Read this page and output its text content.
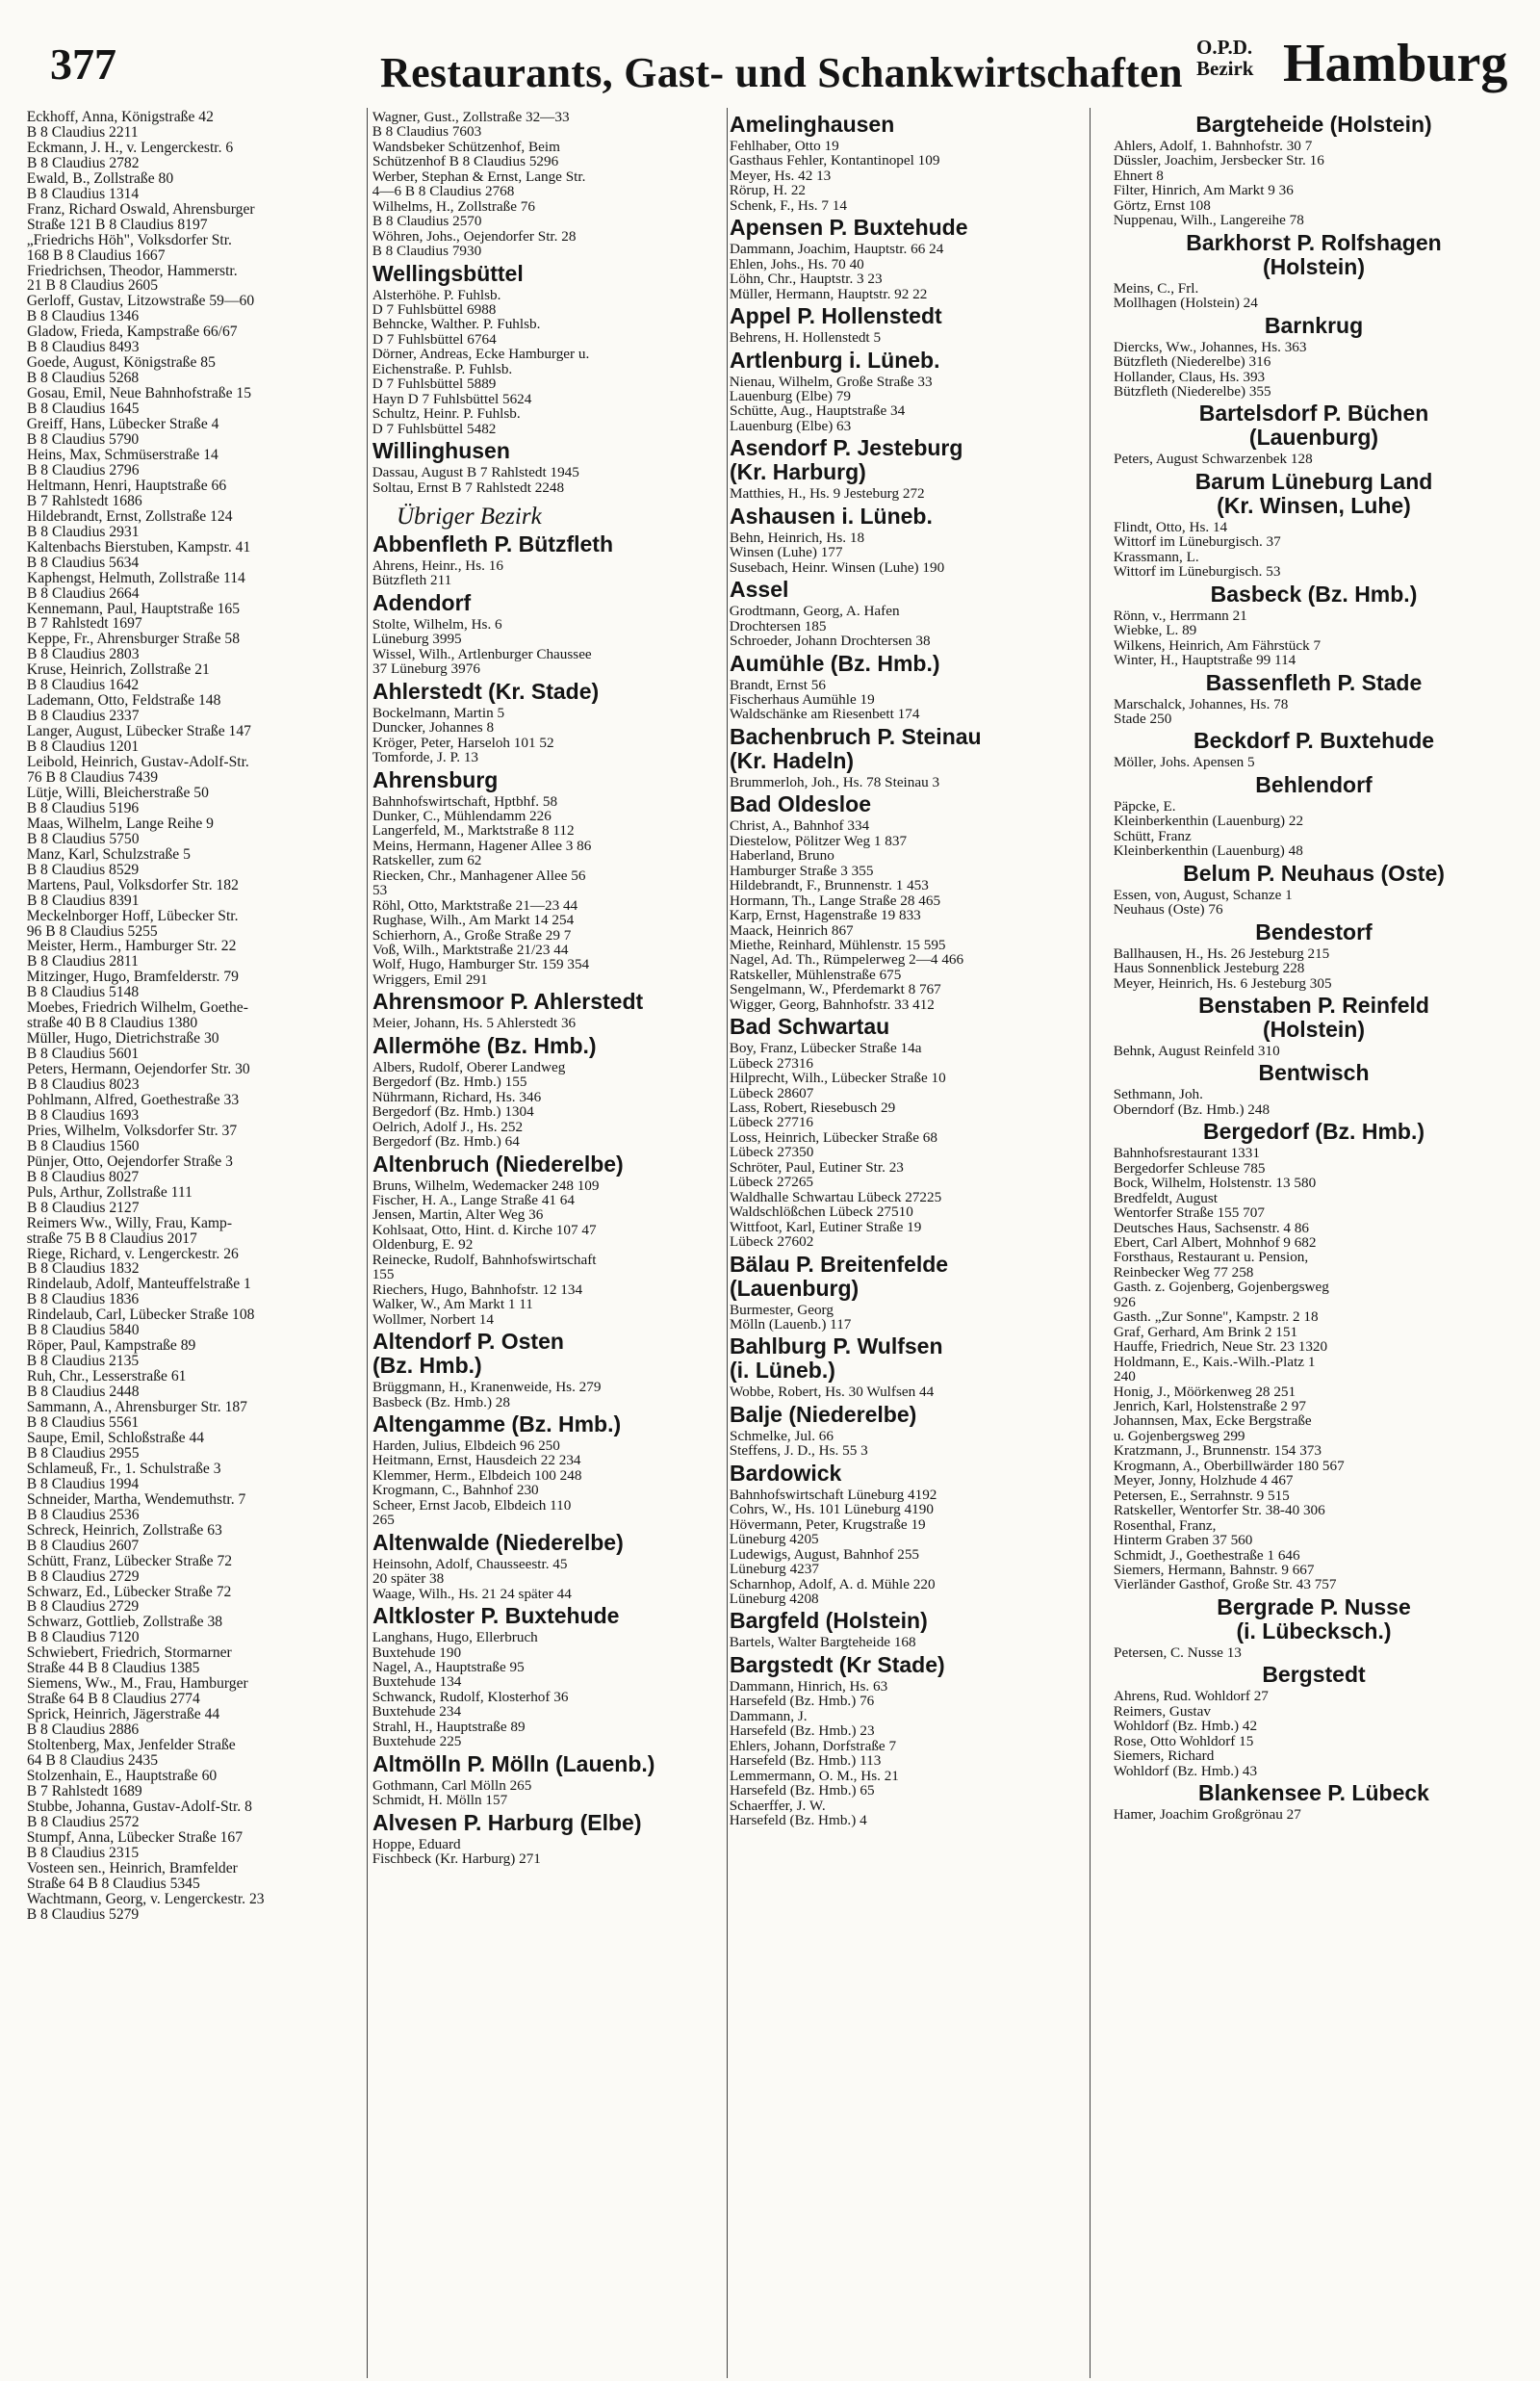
377	Restaurants, Gast- und Schankwirtschaften
O.P.D.
Bezirk Hamburg
Eckhoff, Anna, Königstraße 42
B 8 Claudius 2211
Eckmann, J. H., v. Lengerckestr. 6
B 8 Claudius 2782
Ewald, B., Zollstraße 80
B 8 Claudius 1314
Franz, Richard Oswald, Ahrensburger
Straße 121 B 8 Claudius 8197
„Friedrichs Höh", Volksdorfer Str.
168 B 8 Claudius 1667
Friedrichsen, Theodor, Hammerstr.
21 B 8 Claudius 2605
Gerloff, Gustav, Litzowstraße 59—60
B 8 Claudius 1346
Gladow, Frieda, Kampstraße 66/67
B 8 Claudius 8493
Goede, August, Königstraße 85
B 8 Claudius 5268
Gosau, Emil, Neue Bahnhofstraße 15
B 8 Claudius 1645
Greiff, Hans, Lübecker Straße 4
B 8 Claudius 5790
Heins, Max, Schmüserstraße 14
B 8 Claudius 2796
Heltmann, Henri, Hauptstraße 66
B 7 Rahlstedt 1686
Hildebrandt, Ernst, Zollstraße 124
B 8 Claudius 2931
Kaltenbachs Bierstuben, Kampstr. 41
B 8 Claudius 5634
Kaphengst, Helmuth, Zollstraße 114
B 8 Claudius 2664
Kennemann, Paul, Hauptstraße 165
B 7 Rahlstedt 1697
Keppe, Fr., Ahrensburger Straße 58
B 8 Claudius 2803
Kruse, Heinrich, Zollstraße 21
B 8 Claudius 1642
Lademann, Otto, Feldstraße 148
B 8 Claudius 2337
Langer, August, Lübecker Straße 147
B 8 Claudius 1201
Leibold, Heinrich, Gustav-Adolf-Str.
76 B 8 Claudius 7439
Lütje, Willi, Bleicherstraße 50
B 8 Claudius 5196
Maas, Wilhelm, Lange Reihe 9
B 8 Claudius 5750
Manz, Karl, Schulzstraße 5
B 8 Claudius 8529
Martens, Paul, Volksdorfer Str. 182
B 8 Claudius 8391
Meckelnborger Hoff, Lübecker Str.
96 B 8 Claudius 5255
Meister, Herm., Hamburger Str. 22
B 8 Claudius 2811
Mitzinger, Hugo, Bramfelderstr. 79
B 8 Claudius 5148
Moebes, Friedrich Wilhelm, Goethe-
straße 40 B 8 Claudius 1380
Müller, Hugo, Dietrichstraße 30
B 8 Claudius 5601
Peters, Hermann, Oejendorfer Str. 30
B 8 Claudius 8023
Pohlmann, Alfred, Goethestraße 33
B 8 Claudius 1693
Pries, Wilhelm, Volksdorfer Str. 37
B 8 Claudius 1560
Pünjer, Otto, Oejendorfer Straße 3
B 8 Claudius 8027
Puls, Arthur, Zollstraße 111
B 8 Claudius 2127
Reimers Ww., Willy, Frau, Kamp-
straße 75 B 8 Claudius 2017
Riege, Richard, v. Lengerckestr. 26
B 8 Claudius 1832
Rindelaub, Adolf, Manteuffelstraße 1
B 8 Claudius 1836
Rindelaub, Carl, Lübecker Straße 108
B 8 Claudius 5840
Röper, Paul, Kampstraße 89
B 8 Claudius 2135
Ruh, Chr., Lesserstraße 61
B 8 Claudius 2448
Sammann, A., Ahrensburger Str. 187
B 8 Claudius 5561
Saupe, Emil, Schloßstraße 44
B 8 Claudius 2955
Schlameuß, Fr., 1. Schulstraße 3
B 8 Claudius 1994
Schneider, Martha, Wendemuthstr. 7
B 8 Claudius 2536
Schreck, Heinrich, Zollstraße 63
B 8 Claudius 2607
Schütt, Franz, Lübecker Straße 72
B 8 Claudius 2729
Schwarz, Ed., Lübecker Straße 72
B 8 Claudius 2729
Schwarz, Gottlieb, Zollstraße 38
B 8 Claudius 7120
Schwiebert, Friedrich, Stormarner
Straße 44 B 8 Claudius 1385
Siemens, Ww., M., Frau, Hamburger
Straße 64 B 8 Claudius 2774
Sprick, Heinrich, Jägerstraße 44
B 8 Claudius 2886
Stoltenberg, Max, Jenfelder Straße
64 B 8 Claudius 2435
Stolzenhain, E., Hauptstraße 60
B 7 Rahlstedt 1689
Stubbe, Johanna, Gustav-Adolf-Str. 8
B 8 Claudius 2572
Stumpf, Anna, Lübecker Straße 167
B 8 Claudius 2315
Vosteen sen., Heinrich, Bramfelder
Straße 64 B 8 Claudius 5345
Wachtmann, Georg, v. Lengerckestr. 23
B 8 Claudius 5279
Wagner, Gust., Zollstraße 32—33
B 8 Claudius 7603
Wandsbeker Schützenhof, Beim
Schützenhof B 8 Claudius 5296
Werber, Stephan & Ernst, Lange Str.
4—6 B 8 Claudius 2768
Wilhelms, H., Zollstraße 76
B 8 Claudius 2570
Wöhren, Johs., Oejendorfer Str. 28
B 8 Claudius 7930
Wellingsbüttel
Alsterhöhe. P. Fuhlsb.
D 7 Fuhlsbüttel 6988
Behncke, Walther. P. Fuhlsb.
D 7 Fuhlsbüttel 6764
Dörner, Andreas, Ecke Hamburger u.
Eichenstraße. P. Fuhlsb.
D 7 Fuhlsbüttel 5889
Hayn D 7 Fuhlsbüttel 5624
Schultz, Heinr. P. Fuhlsb.
D 7 Fuhlsbüttel 5482
Willinghusen
Dassau, August B 7 Rahlstedt 1945
Soltau, Ernst B 7 Rahlstedt 2248
Übriger Bezirk
Abbenfleth P. Bützfleth
Ahrens, Heinr., Hs. 16
Bützfleth 211
Adendorf
Stolte, Wilhelm, Hs. 6
Lüneburg 3995
Wissel, Wilh., Artlenburger Chaussee
37 Lüneburg 3976
Ahlerstedt (Kr. Stade)
Bockelmann, Martin 5
Duncker, Johannes 8
Kröger, Peter, Harseloh 101 52
Tomforde, J. P. 13
Ahrensburg
Bahnhofswirtschaft, Hptbhf. 58
Dunker, C., Mühlendamm 226
Langerfeld, M., Marktstraße 8 112
Meins, Hermann, Hagener Allee 3 86
Ratskeller, zum 62
Riecken, Chr., Manhagener Allee 56
53
Röhl, Otto, Marktstraße 21—23 44
Rughase, Wilh., Am Markt 14 254
Schierhorn, A., Große Straße 29 7
Voß, Wilh., Marktstraße 21/23 44
Wolf, Hugo, Hamburger Str. 159 354
Wriggers, Emil 291
Ahrensmoor P. Ahlerstedt
Meier, Johann, Hs. 5 Ahlerstedt 36
Allermöhe (Bz. Hmb.)
Albers, Rudolf, Oberer Landweg
Bergedorf (Bz. Hmb.) 155
Nührmann, Richard, Hs. 346
Bergedorf (Bz. Hmb.) 1304
Oelrich, Adolf J., Hs. 252
Bergedorf (Bz. Hmb.) 64
Altenbruch (Niederelbe)
Bruns, Wilhelm, Wedemacker 248 109
Fischer, H. A., Lange Straße 41 64
Jensen, Martin, Alter Weg 36
Kohlsaat, Otto, Hint. d. Kirche 107 47
Oldenburg, E. 92
Reinecke, Rudolf, Bahnhofswirtschaft
155
Riechers, Hugo, Bahnhofstr. 12 134
Walker, W., Am Markt 1 11
Wollmer, Norbert 14
Altendorf P. Osten
(Bz. Hmb.)
Brüggmann, H., Kranenweide, Hs. 279
Basbeck (Bz. Hmb.) 28
Altengamme (Bz. Hmb.)
Harden, Julius, Elbdeich 96 250
Heitmann, Ernst, Hausdeich 22 234
Klemmer, Herm., Elbdeich 100 248
Krogmann, C., Bahnhof 230
Scheer, Ernst Jacob, Elbdeich 110
265
Altenwalde (Niederelbe)
Heinsohn, Adolf, Chausseestr. 45
20 später 38
Waage, Wilh., Hs. 21 24 später 44
Altkloster P. Buxtehude
Langhans, Hugo, Ellerbruch
Buxtehude 190
Nagel, A., Hauptstraße 95
Buxtehude 134
Schwanck, Rudolf, Klosterhof 36
Buxtehude 234
Strahl, H., Hauptstraße 89
Buxtehude 225
Altmölln P. Mölln (Lauenb.)
Gothmann, Carl Mölln 265
Schmidt, H. Mölln 157
Alvesen P. Harburg (Elbe)
Hoppe, Eduard
Fischbeck (Kr. Harburg) 271
Amelinghausen
Fehlhaber, Otto 19
Gasthaus Fehler, Kontantinopel 109
Meyer, Hs. 42 13
Rörup, H. 22
Schenk, F., Hs. 7 14
Apensen P. Buxtehude
Dammann, Joachim, Hauptstr. 66 24
Ehlen, Johs., Hs. 70 40
Löhn, Chr., Hauptstr. 3 23
Müller, Hermann, Hauptstr. 92 22
Appel P. Hollenstedt
Behrens, H. Hollenstedt 5
Artlenburg i. Lüneb.
Nienau, Wilhelm, Große Straße 33
Lauenburg (Elbe) 79
Schütte, Aug., Hauptstraße 34
Lauenburg (Elbe) 63
Asendorf P. Jesteburg
(Kr. Harburg)
Matthies, H., Hs. 9 Jesteburg 272
Ashausen i. Lüneb.
Behn, Heinrich, Hs. 18
Winsen (Luhe) 177
Susebach, Heinr. Winsen (Luhe) 190
Assel
Grodtmann, Georg, A. Hafen
Drochtersen 185
Schroeder, Johann Drochtersen 38
Aumühle (Bz. Hmb.)
Brandt, Ernst 56
Fischerhaus Aumühle 19
Waldschänke am Riesenbett 174
Bachenbruch P. Steinau
(Kr. Hadeln)
Brummerloh, Joh., Hs. 78 Steinau 3
Bad Oldesloe
Christ, A., Bahnhof 334
Diestelow, Pölitzer Weg 1 837
Haberland, Bruno
Hamburger Straße 3 355
Hildebrandt, F., Brunnenstr. 1 453
Hormann, Th., Lange Straße 28 465
Karp, Ernst, Hagenstraße 19 833
Maack, Heinrich 867
Miethe, Reinhard, Mühlenstr. 15 595
Nagel, Ad. Th., Rümpelerweg 2—4 466
Ratskeller, Mühlenstraße 675
Sengelmann, W., Pferdemarkt 8 767
Wigger, Georg, Bahnhofstr. 33 412
Bad Schwartau
Boy, Franz, Lübecker Straße 14a
Lübeck 27316
Hilprecht, Wilh., Lübecker Straße 10
Lübeck 28607
Lass, Robert, Riesebusch 29
Lübeck 27716
Loss, Heinrich, Lübecker Straße 68
Lübeck 27350
Schröter, Paul, Eutiner Str. 23
Lübeck 27265
Waldhalle Schwartau Lübeck 27225
Waldschlößchen Lübeck 27510
Wittfoot, Karl, Eutiner Straße 19
Lübeck 27602
Bälau P. Breitenfelde
(Lauenburg)
Burmester, Georg
Mölln (Lauenb.) 117
Bahlburg P. Wulfsen
(i. Lüneb.)
Wobbe, Robert, Hs. 30 Wulfsen 44
Balje (Niederelbe)
Schmelke, Jul. 66
Steffens, J. D., Hs. 55 3
Bardowick
Bahnhofswirtschaft Lüneburg 4192
Cohrs, W., Hs. 101 Lüneburg 4190
Hövermann, Peter, Krugstraße 19
Lüneburg 4205
Ludewigs, August, Bahnhof 255
Lüneburg 4237
Scharnhop, Adolf, A. d. Mühle 220
Lüneburg 4208
Bargfeld (Holstein)
Bartels, Walter Bargteheide 168
Bargstedt (Kr Stade)
Dammann, Hinrich, Hs. 63
Harsefeld (Bz. Hmb.) 76
Dammann, J.
Harsefeld (Bz. Hmb.) 23
Ehlers, Johann, Dorfstraße 7
Harsefeld (Bz. Hmb.) 113
Lemmermann, O. M., Hs. 21
Harsefeld (Bz. Hmb.) 65
Schaerffer, J. W.
Harsefeld (Bz. Hmb.) 4
Bargteheide (Holstein)
Ahlers, Adolf, 1. Bahnhofstr. 30 7
Düssler, Joachim, Jersbecker Str. 16
Ehnert 8
Filter, Hinrich, Am Markt 9 36
Görtz, Ernst 108
Nuppenau, Wilh., Langereihe 78
Barkhorst P. Rolfshagen
(Holstein)
Meins, C., Frl.
Mollhagen (Holstein) 24
Barnkrug
Diercks, Ww., Johannes, Hs. 363
Bützfleth (Niederelbe) 316
Hollander, Claus, Hs. 393
Bützfleth (Niederelbe) 355
Bartelsdorf P. Büchen
(Lauenburg)
Peters, August Schwarzenbek 128
Barum Lüneburg Land
(Kr. Winsen, Luhe)
Flindt, Otto, Hs. 14
Wittorf im Lüneburgisch. 37
Krassmann, L.
Wittorf im Lüneburgisch. 53
Basbeck (Bz. Hmb.)
Rönn, v., Herrmann 21
Wiebke, L. 89
Wilkens, Heinrich, Am Fährstück 7
Winter, H., Hauptstraße 99 114
Bassenfleth P. Stade
Marschalck, Johannes, Hs. 78
Stade 250
Beckdorf P. Buxtehude
Möller, Johs. Apensen 5
Behlendorf
Päpcke, E.
Kleinberkenthin (Lauenburg) 22
Schütt, Franz
Kleinberkenthin (Lauenburg) 48
Belum P. Neuhaus (Oste)
Essen, von, August, Schanze 1
Neuhaus (Oste) 76
Bendestorf
Ballhausen, H., Hs. 26 Jesteburg 215
Haus Sonnenblick Jesteburg 228
Meyer, Heinrich, Hs. 6 Jesteburg 305
Benstaben P. Reinfeld
(Holstein)
Behnk, August Reinfeld 310
Bentwisch
Sethmann, Joh.
Oberndorf (Bz. Hmb.) 248
Bergedorf (Bz. Hmb.)
Bahnhofsrestaurant 1331
Bergedorfer Schleuse 785
Bock, Wilhelm, Holstenstr. 13 580
Bredfeldt, August
Wentorfer Straße 155 707
Deutsches Haus, Sachsenstr. 4 86
Ebert, Carl Albert, Mohnhof 9 682
Forsthaus, Restaurant u. Pension,
Reinbecker Weg 77 258
Gasth. z. Gojenberg, Gojenbergsweg
926
Gasth. „Zur Sonne", Kampstr. 2 18
Graf, Gerhard, Am Brink 2 151
Hauffe, Friedrich, Neue Str. 23 1320
Holdmann, E., Kais.-Wilh.-Platz 1
240
Honig, J., Möörkenweg 28 251
Jenrich, Karl, Holstenstraße 2 97
Johannsen, Max, Ecke Bergstraße
u. Gojenbergsweg 299
Kratzmann, J., Brunnenstr. 154 373
Krogmann, A., Oberbillwärder 180 567
Meyer, Jonny, Holzhude 4 467
Petersen, E., Serrahnstr. 9 515
Ratskeller, Wentorfer Str. 38-40 306
Rosenthal, Franz,
Hinterm Graben 37 560
Schmidt, J., Goethestraße 1 646
Siemers, Hermann, Bahnstr. 9 667
Vierländer Gasthof, Große Str. 43 757
Bergrade P. Nusse
(i. Lübecksch.)
Petersen, C. Nusse 13
Bergstedt
Ahrens, Rud. Wohldorf 27
Reimers, Gustav
Wohldorf (Bz. Hmb.) 42
Rose, Otto Wohldorf 15
Siemers, Richard
Wohldorf (Bz. Hmb.) 43
Blankensee P. Lübeck
Hamer, Joachim Großgrönau 27
